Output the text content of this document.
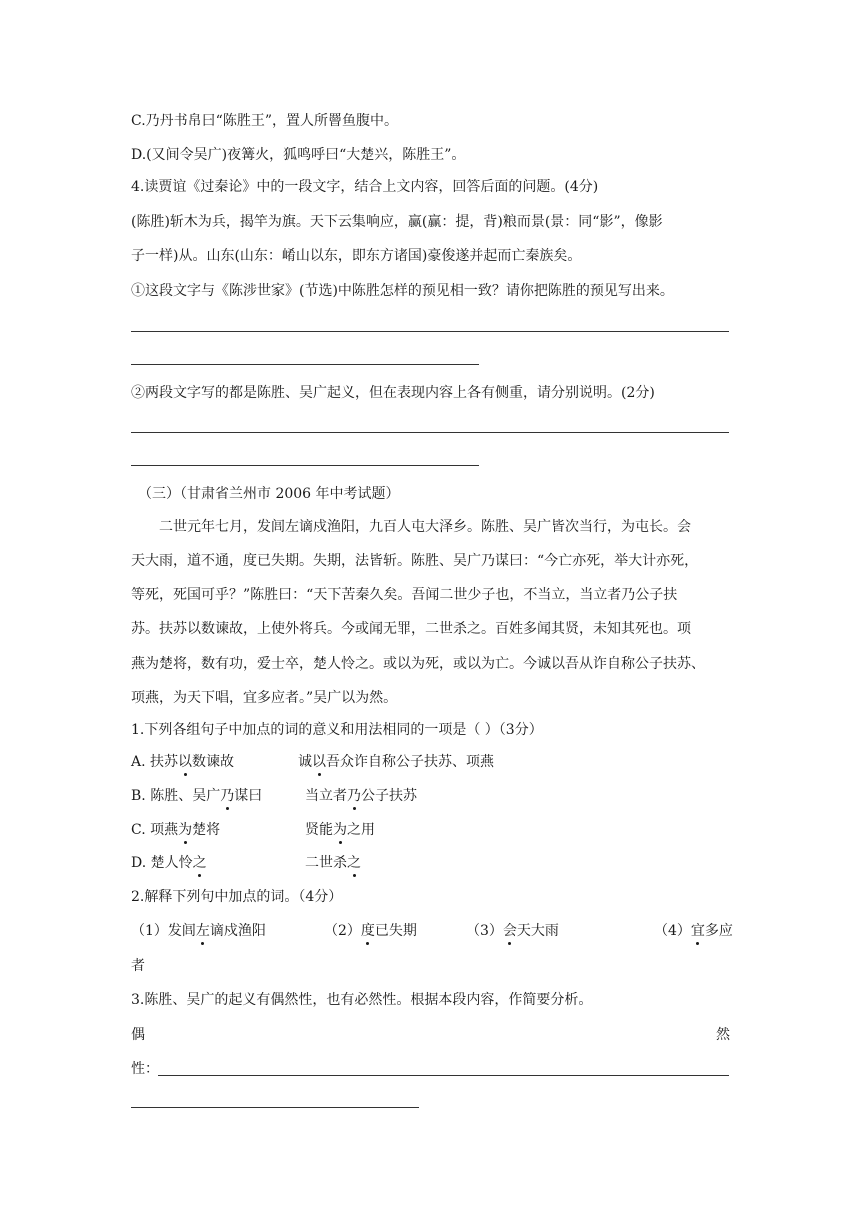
C.乃丹书帛曰“陈胜王”，置人所罾鱼腹中。
D.(又间令吴广)夜篝火，狐鸣呼曰“大楚兴，陈胜王”。
4.读贾谊《过秦论》中的一段文字，结合上文内容，回答后面的问题。(4分)
(陈胜)斩木为兵，揭竿为旗。天下云集响应，赢(赢：提，背)粮而景(景：同“影”，像影
子一样)从。山东(山东：崤山以东，即东方诸国)豪俊遂并起而亡秦族矣。
①这段文字与《陈涉世家》(节选)中陈胜怎样的预见相一致？请你把陈胜的预见写出来。
②两段文字写的都是陈胜、吴广起义，但在表现内容上各有侧重，请分别说明。(2分)
（三）（甘肃省兰州市 2006 年中考试题）
二世元年七月，发闾左谪戍渔阳，九百人屯大泽乡。陈胜、吴广皆次当行，为屯长。会
天大雨，道不通，度已失期。失期，法皆斩。陈胜、吴广乃谋曰：“今亡亦死，举大计亦死，
等死，死国可乎？”陈胜曰：“天下苦秦久矣。吾闻二世少子也，不当立，当立者乃公子扶
苏。扶苏以数谏故，上使外将兵。今或闻无罪，二世杀之。百姓多闻其贤，未知其死也。项
燕为楚将，数有功，爱士卒，楚人怜之。或以为死，或以为亡。今诚以吾从诈自称公子扶苏、
项燕，为天下唱，宜多应者。”吴广以为然。
1.下列各组句子中加点的词的意义和用法相同的一项是（ ）（3分）
A. 扶苏以数谏故	诚以吾众诈自称公子扶苏、项燕
B. 陈胜、吴广乃谋曰	当立者乃公子扶苏
C. 项燕为楚将	贤能为之用
D. 楚人怜之	二世杀之
2.解释下列句中加点的词。（4分）
（1）发闾左谪戍渔阳	（2）度已失期	（3）会天大雨	（4）宜多应
者
3.陈胜、吴广的起义有偶然性，也有必然性。根据本段内容，作简要分析。
偶	然
性：
